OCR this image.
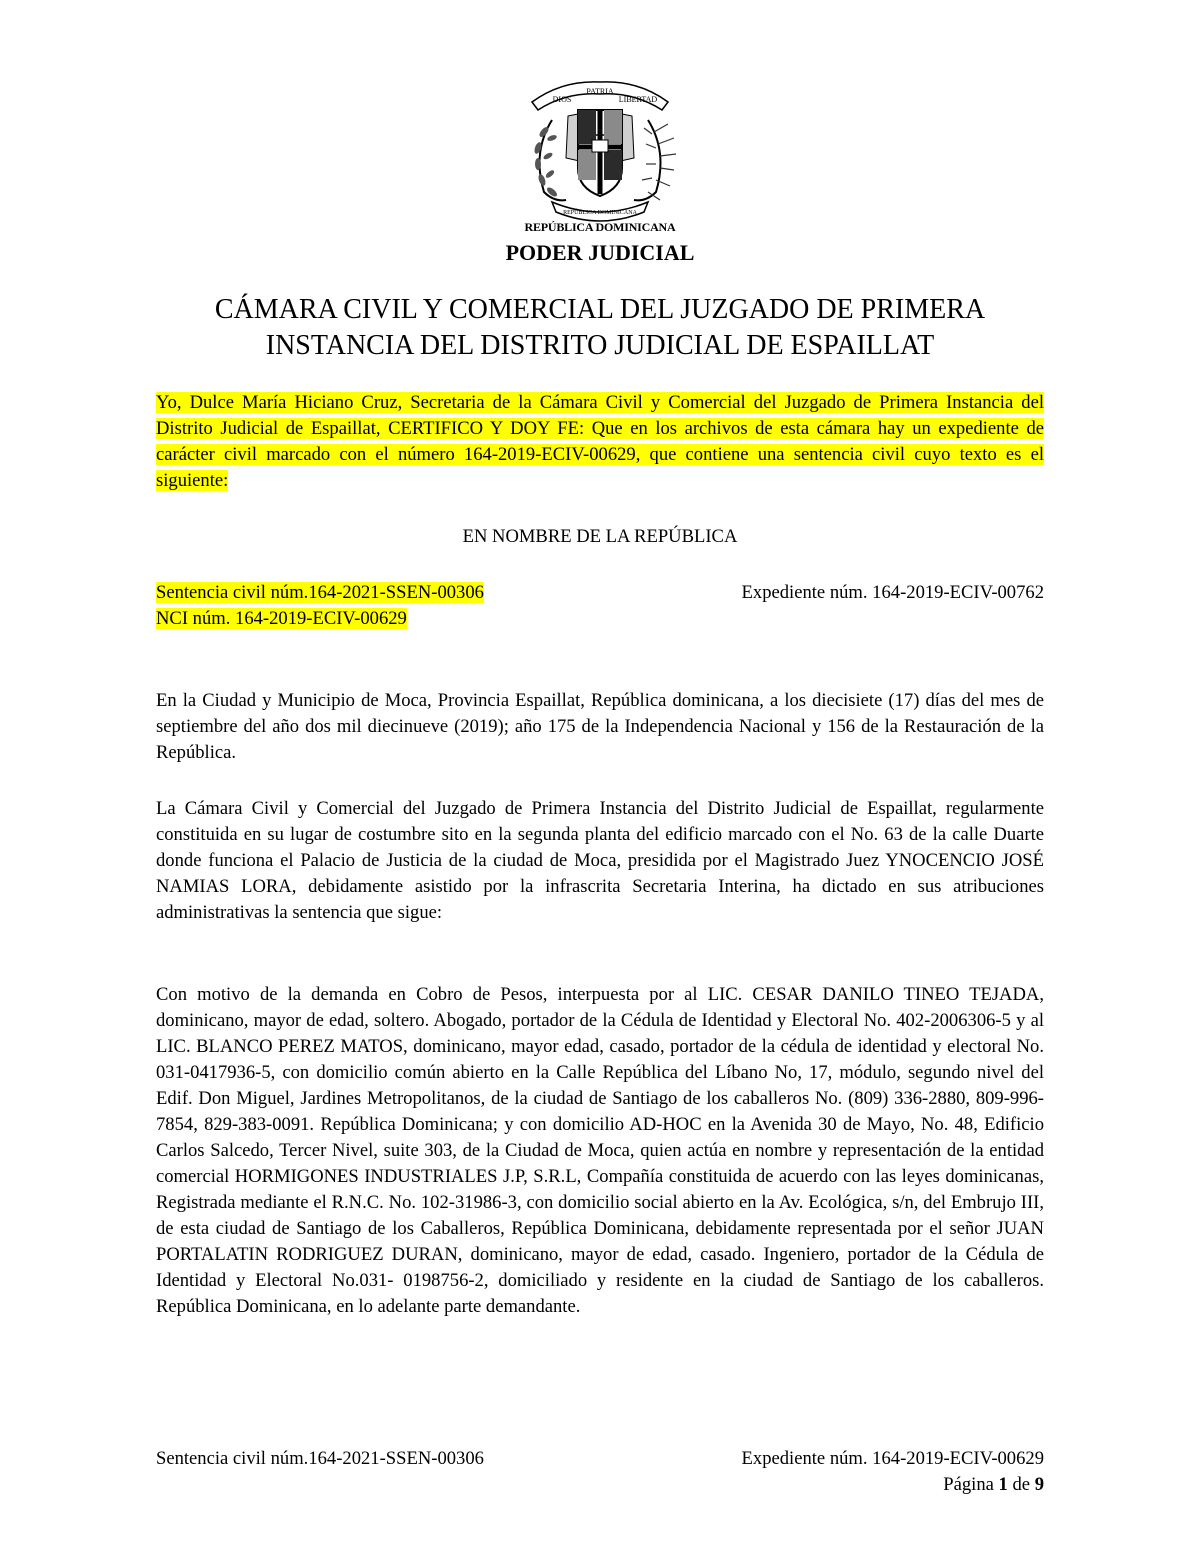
DIOS
PATRIA
LIBERTAD
REPÚBLICA DOMINICANA
REPÚBLICA DOMINICANA
PODER JUDICIAL
CÁMARA CIVIL Y COMERCIAL DEL JUZGADO DE PRIMERA
INSTANCIA DEL DISTRITO JUDICIAL DE ESPAILLAT

Yo, Dulce María Hiciano Cruz, Secretaria de la Cámara Civil y Comercial del Juzgado de Primera Instancia del Distrito Judicial de Espaillat, CERTIFICO Y DOY FE: Que en los archivos de esta cámara hay un expediente de carácter civil marcado con el número 164-2019-ECIV-00629, que contiene una sentencia civil cuyo texto es el siguiente:

EN NOMBRE DE LA REPÚBLICA
Sentencia civil núm.164-2021-SSEN-00306
NCI núm. 164-2019-ECIV-00629
Expediente núm. 164-2019-ECIV-00762

En la Ciudad y Municipio de Moca, Provincia Espaillat, República dominicana, a los diecisiete (17) días del mes de septiembre del año dos mil diecinueve (2019); año 175 de la Independencia Nacional y 156 de la Restauración de la República.

La Cámara Civil y Comercial del Juzgado de Primera Instancia del Distrito Judicial de Espaillat, regularmente constituida en su lugar de costumbre sito en la segunda planta del edificio marcado con el No. 63 de la calle Duarte donde funciona el Palacio de Justicia de la ciudad de Moca, presidida por el Magistrado Juez YNOCENCIO JOSÉ NAMIAS LORA, debidamente asistido por la infrascrita Secretaria Interina, ha dictado en sus atribuciones administrativas la sentencia que sigue:

Con motivo de la demanda en Cobro de Pesos, interpuesta por al LIC. CESAR DANILO TINEO TEJADA, dominicano, mayor de edad, soltero. Abogado, portador de la Cédula de Identidad y Electoral No. 402-2006306-5 y al LIC. BLANCO PEREZ MATOS, dominicano, mayor edad, casado, portador de la cédula de identidad y electoral No. 031-0417936-5, con domicilio común abierto en la Calle República del Líbano No, 17, módulo, segundo nivel del Edif. Don Miguel, Jardines Metropolitanos, de la ciudad de Santiago de los caballeros No. (809) 336-2880, 809-996-7854, 829-383-0091. República Dominicana; y con domicilio AD-HOC en la Avenida 30 de Mayo, No. 48, Edificio Carlos Salcedo, Tercer Nivel, suite 303, de la Ciudad de Moca, quien actúa en nombre y representación de la entidad comercial HORMIGONES INDUSTRIALES J.P, S.R.L, Compañía constituida de acuerdo con las leyes dominicanas, Registrada mediante el R.N.C. No. 102-31986-3, con domicilio social abierto en la Av. Ecológica, s/n, del Embrujo III, de esta ciudad de Santiago de los Caballeros, República Dominicana, debidamente representada por el señor JUAN PORTALATIN RODRIGUEZ DURAN, dominicano, mayor de edad, casado. Ingeniero, portador de la Cédula de Identidad y Electoral No.031- 0198756-2, domiciliado y residente en la ciudad de Santiago de los caballeros. República Dominicana, en lo adelante parte demandante.

Sentencia civil núm.164-2021-SSEN-00306	Expediente núm. 164-2019-ECIV-00629
Página 1 de 9
